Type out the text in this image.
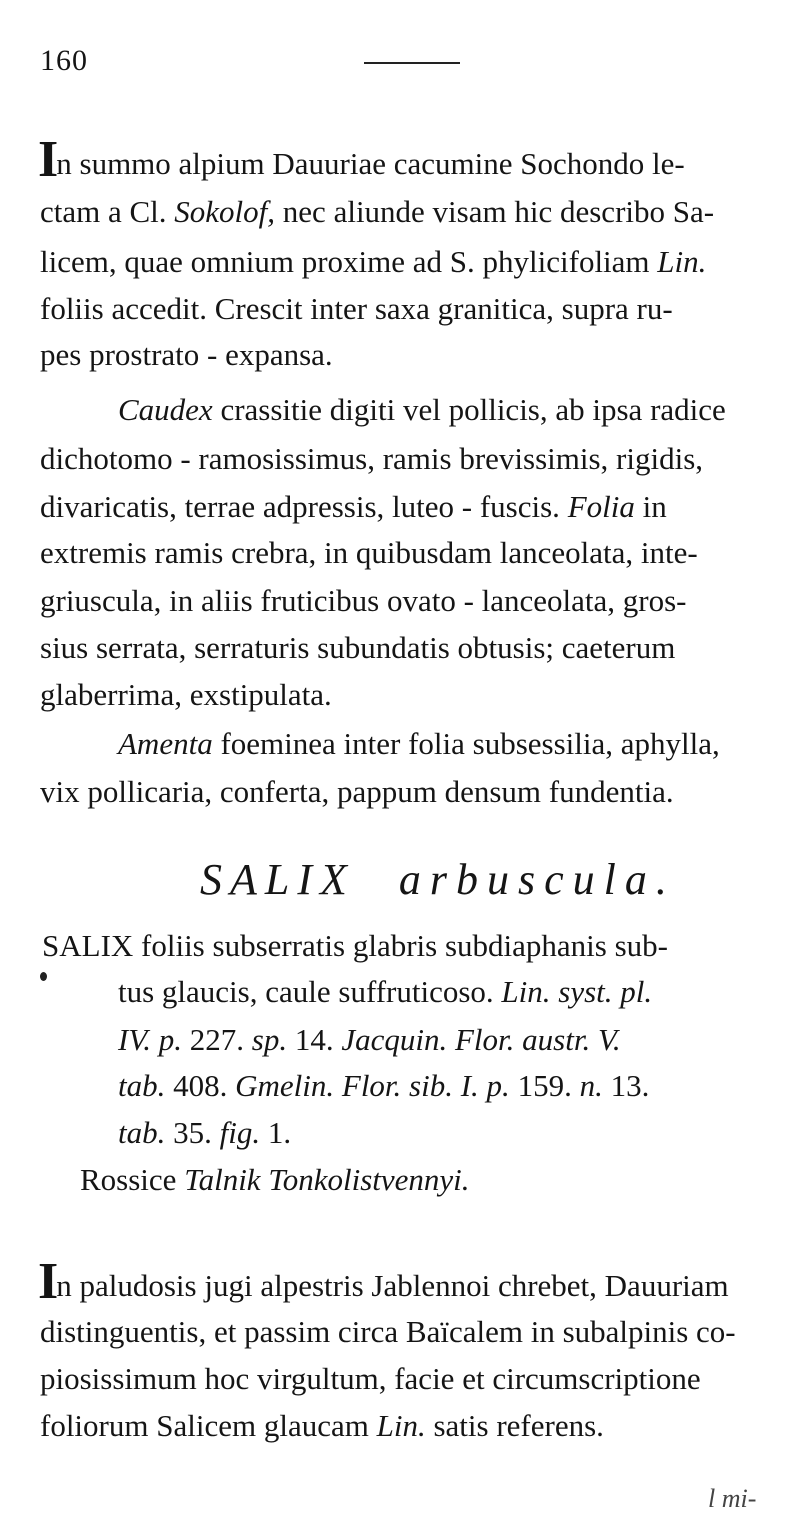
160
In summo alpium Dauuriae cacumine Sochondo le-
ctam a Cl. Sokolof, nec aliunde visam hic describo Sa-
licem, quae omnium proxime ad S. phylicifoliam Lin.
foliis accedit. Crescit inter saxa granitica, supra ru-
pes prostrato - expansa.
Caudex crassitie digiti vel pollicis, ab ipsa radice
dichotomo - ramosissimus, ramis brevissimis, rigidis,
divaricatis, terrae adpressis, luteo - fuscis. Folia in
extremis ramis crebra, in quibusdam lanceolata, inte-
griuscula, in aliis fruticibus ovato - lanceolata, gros-
sius serrata, serraturis subundatis obtusis; caeterum
glaberrima, exstipulata.
Amenta foeminea inter folia subsessilia, aphylla,
vix pollicaria, conferta, pappum densum fundentia.
SALIX arbuscula.
SALIX foliis subserratis glabris subdiaphanis sub-
tus glaucis, caule suffruticoso. Lin. syst. pl.
IV. p. 227. sp. 14. Jacquin. Flor. austr. V.
tab. 408. Gmelin. Flor. sib. I. p. 159. n. 13.
tab. 35. fig. 1.
Rossice Talnik Tonkolistvennyi.
In paludosis jugi alpestris Jablennoi chrebet, Dauuriam
distinguentis, et passim circa Baïcalem in subalpinis co-
piosissimum hoc virgultum, facie et circumscriptione
foliorum Salicem glaucam Lin. satis referens.
l mi-
